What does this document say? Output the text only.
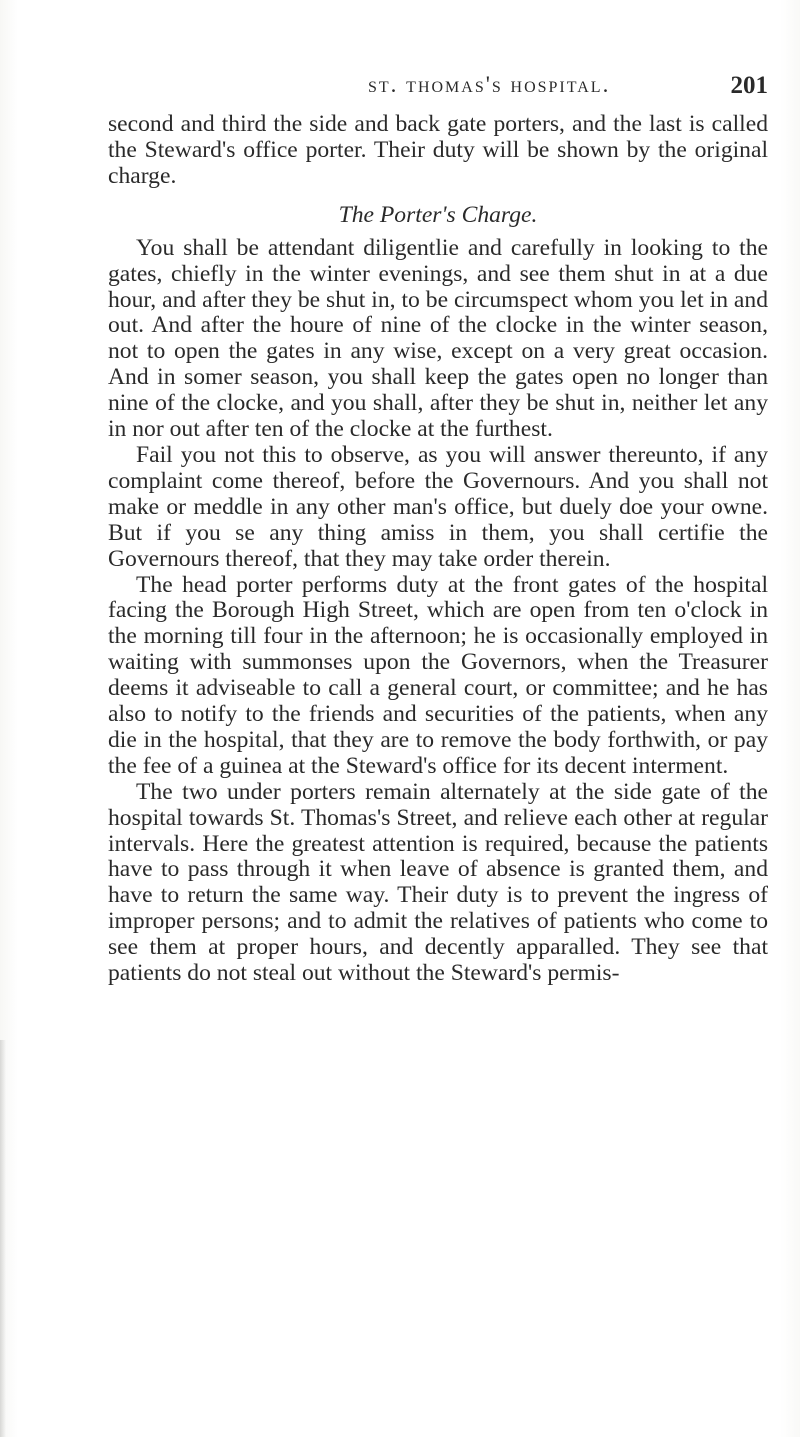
st. thomas's hospital.	201

second and third the side and back gate porters, and the last is called the Steward's office porter. Their duty will be shown by the original charge.

The Porter's Charge.

You shall be attendant diligentlie and carefully in looking to the gates, chiefly in the winter evenings, and see them shut in at a due hour, and after they be shut in, to be circumspect whom you let in and out. And after the houre of nine of the clocke in the winter season, not to open the gates in any wise, except on a very great occasion. And in somer season, you shall keep the gates open no longer than nine of the clocke, and you shall, after they be shut in, neither let any in nor out after ten of the clocke at the furthest.

Fail you not this to observe, as you will answer thereunto, if any complaint come thereof, before the Governours. And you shall not make or meddle in any other man's office, but duely doe your owne. But if you se any thing amiss in them, you shall certifie the Governours thereof, that they may take order therein.

The head porter performs duty at the front gates of the hospital facing the Borough High Street, which are open from ten o'clock in the morning till four in the afternoon; he is occasionally employed in waiting with summonses upon the Governors, when the Treasurer deems it adviseable to call a general court, or committee; and he has also to notify to the friends and securities of the patients, when any die in the hospital, that they are to remove the body forthwith, or pay the fee of a guinea at the Steward's office for its decent interment.

The two under porters remain alternately at the side gate of the hospital towards St. Thomas's Street, and relieve each other at regular intervals. Here the greatest attention is required, because the patients have to pass through it when leave of absence is granted them, and have to return the same way. Their duty is to prevent the ingress of improper persons; and to admit the relatives of patients who come to see them at proper hours, and decently apparalled. They see that patients do not steal out without the Steward's permis-
